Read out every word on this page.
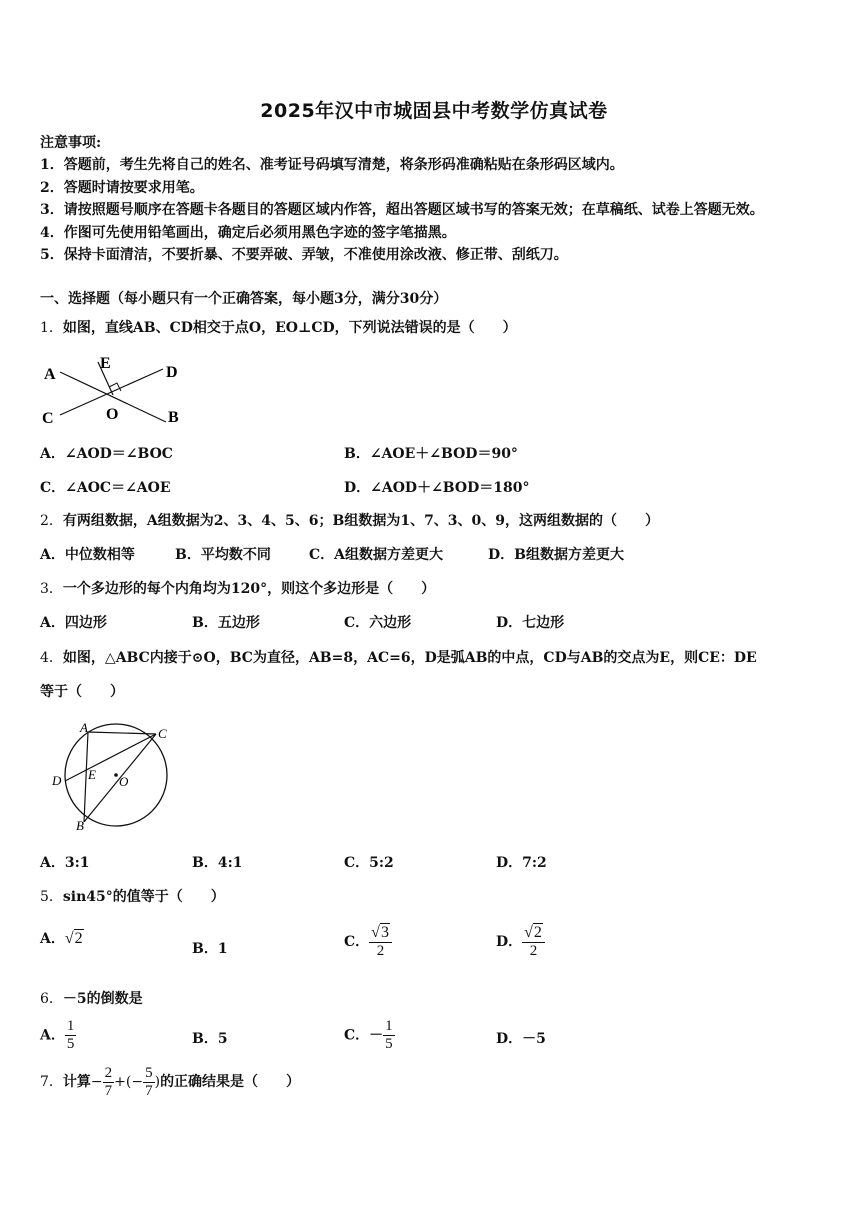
2025年汉中市城固县中考数学仿真试卷
注意事项:
1．答题前，考生先将自己的姓名、准考证号码填写清楚，将条形码准确粘贴在条形码区域内。
2．答题时请按要求用笔。
3．请按照题号顺序在答题卡各题目的答题区域内作答，超出答题区域书写的答案无效；在草稿纸、试卷上答题无效。
4．作图可先使用铅笔画出，确定后必须用黑色字迹的签字笔描黑。
5．保持卡面清洁，不要折暴、不要弄破、弄皱，不准使用涂改液、修正带、刮纸刀。
一、选择题（每小题只有一个正确答案，每小题3分，满分30分）
1．如图，直线AB、CD相交于点O，EO⊥CD，下列说法错误的是（　　）
A	D
E
C	O	B
A．∠AOD＝∠BOC	B．∠AOE＋∠BOD＝90°
C．∠AOC＝∠AOE	D．∠AOD＋∠BOD＝180°
2．有两组数据，A组数据为2、3、4、5、6；B组数据为1、7、3、0、9，这两组数据的（　　）
A．中位数相等	B．平均数不同	C．A组数据方差更大	D．B组数据方差更大
3．一个多边形的每个内角均为120°，则这个多边形是（　　）
A．四边形	B．五边形	C．六边形	D．七边形
4．如图，△ABC内接于⊙O，BC为直径，AB=8，AC=6，D是弧AB的中点，CD与AB的交点为E，则CE：DE
等于（　　）
A	C
D E O
B
A．3:1	B．4:1	C．5:2	D．7:2
5．sin45°的值等于（　　）
A．√2
B．1	C． $\frac{√3}{2}$	D． $\frac{√2}{2}$
6．－5的倒数是
A． $\frac{1}{5}$	B．5	C．－ $\frac{1}{5}$	D．－5
7．计算− $\frac{2}{7}$ +(− $\frac{5}{7}$ )的正确结果是（　　）
